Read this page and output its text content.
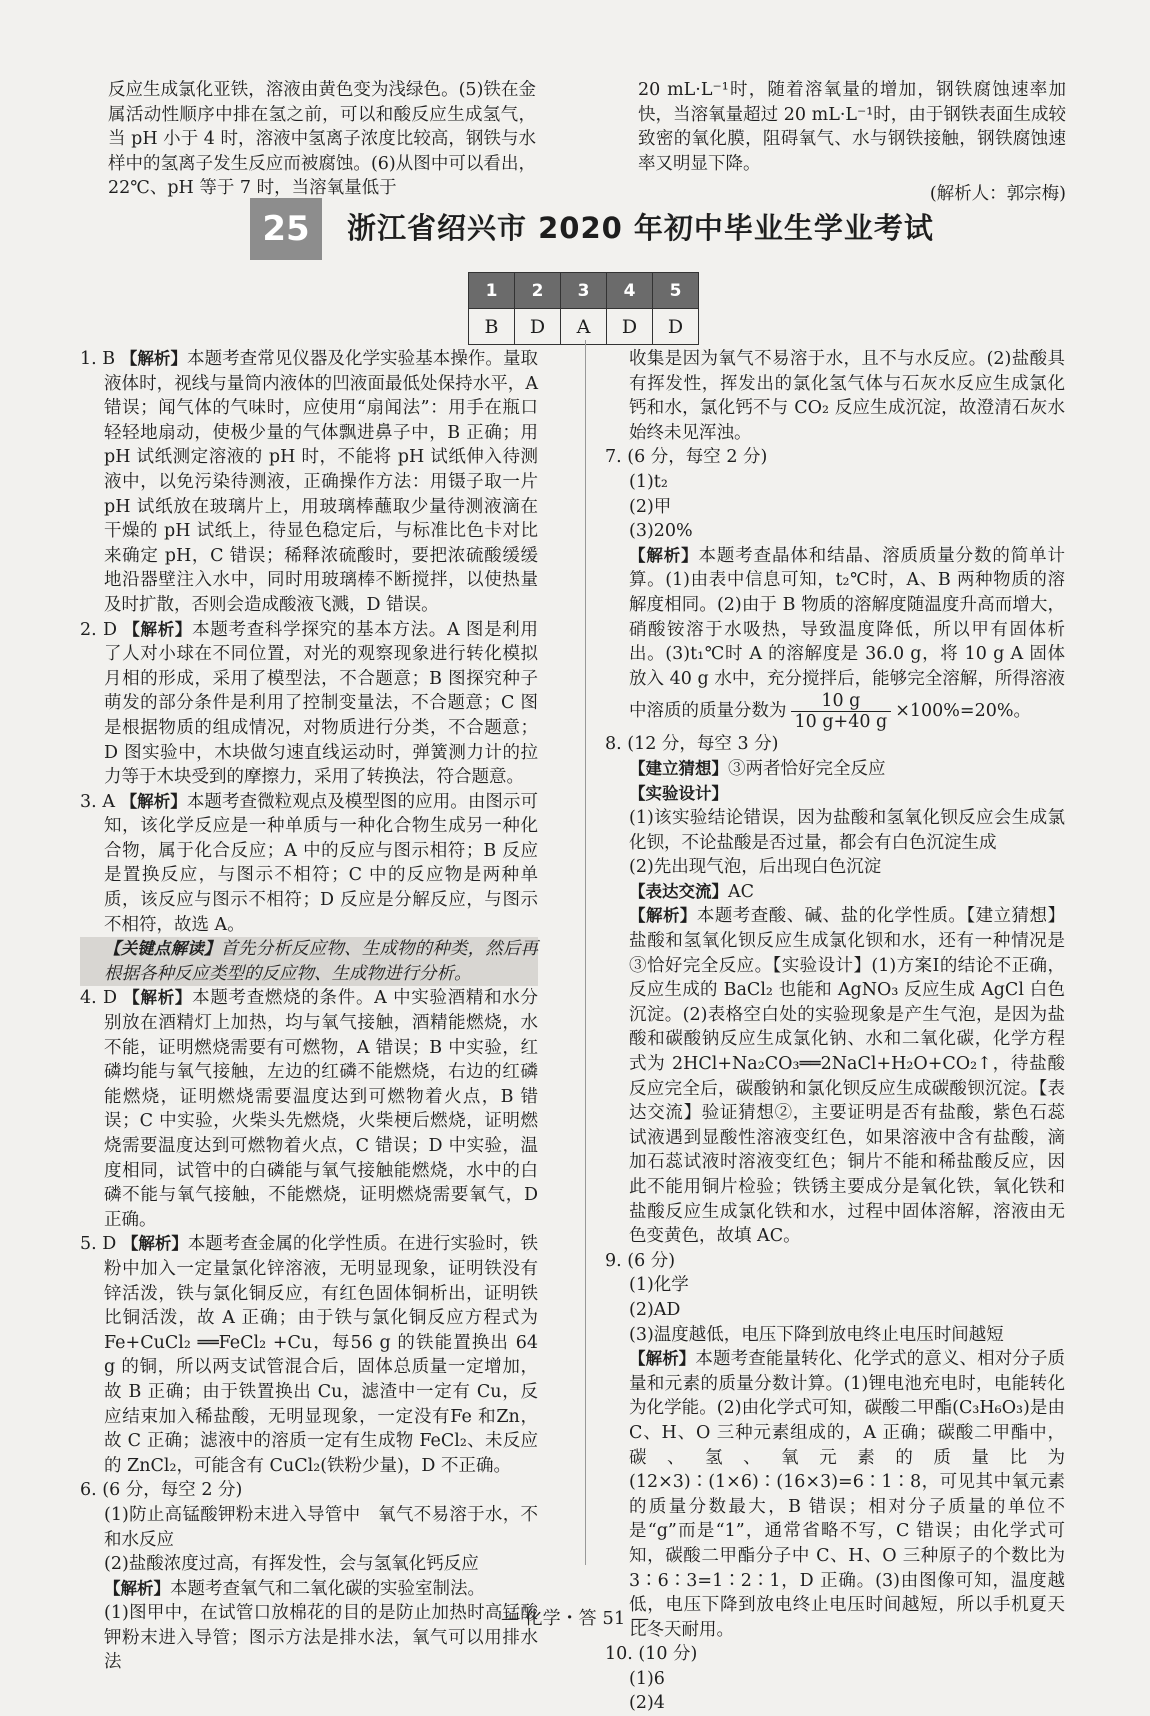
反应生成氯化亚铁，溶液由黄色变为浅绿色。(5)铁在金属活动性顺序中排在氢之前，可以和酸反应生成氢气，当 pH 小于 4 时，溶液中氢离子浓度比较高，钢铁与水样中的氢离子发生反应而被腐蚀。(6)从图中可以看出，22℃、pH 等于 7 时，当溶氧量低于

20 mL·L⁻¹时，随着溶氧量的增加，钢铁腐蚀速率加快，当溶氧量超过 20 mL·L⁻¹时，由于钢铁表面生成较致密的氧化膜，阻碍氧气、水与钢铁接触，钢铁腐蚀速率又明显下降。

(解析人：郭宗梅)

25	浙江省绍兴市 2020 年初中毕业生学业考试
1	2	3	4	5
B	D	A	D	D

1. B 【解析】本题考查常见仪器及化学实验基本操作。量取液体时，视线与量筒内液体的凹液面最低处保持水平，A 错误；闻气体的气味时，应使用“扇闻法”：用手在瓶口轻轻地扇动，使极少量的气体飘进鼻子中，B 正确；用 pH 试纸测定溶液的 pH 时，不能将 pH 试纸伸入待测液中，以免污染待测液，正确操作方法：用镊子取一片 pH 试纸放在玻璃片上，用玻璃棒蘸取少量待测液滴在干燥的 pH 试纸上，待显色稳定后，与标准比色卡对比来确定 pH，C 错误；稀释浓硫酸时，要把浓硫酸缓缓地沿器壁注入水中，同时用玻璃棒不断搅拌，以使热量及时扩散，否则会造成酸液飞溅，D 错误。

2. D 【解析】本题考查科学探究的基本方法。A 图是利用了人对小球在不同位置，对光的观察现象进行转化模拟月相的形成，采用了模型法，不合题意；B 图探究种子萌发的部分条件是利用了控制变量法，不合题意；C 图是根据物质的组成情况，对物质进行分类，不合题意；D 图实验中，木块做匀速直线运动时，弹簧测力计的拉力等于木块受到的摩擦力，采用了转换法，符合题意。

3. A 【解析】本题考查微粒观点及模型图的应用。由图示可知，该化学反应是一种单质与一种化合物生成另一种化合物，属于化合反应；A 中的反应与图示相符；B 反应是置换反应，与图示不相符；C 中的反应物是两种单质，该反应与图示不相符；D 反应是分解反应，与图示不相符，故选 A。

【关键点解读】首先分析反应物、生成物的种类，然后再根据各种反应类型的反应物、生成物进行分析。

4. D 【解析】本题考查燃烧的条件。A 中实验酒精和水分别放在酒精灯上加热，均与氧气接触，酒精能燃烧，水不能，证明燃烧需要有可燃物，A 错误；B 中实验，红磷均能与氧气接触，左边的红磷不能燃烧，右边的红磷能燃烧，证明燃烧需要温度达到可燃物着火点，B 错误；C 中实验，火柴头先燃烧，火柴梗后燃烧，证明燃烧需要温度达到可燃物着火点，C 错误；D 中实验，温度相同，试管中的白磷能与氧气接触能燃烧，水中的白磷不能与氧气接触，不能燃烧，证明燃烧需要氧气，D 正确。

5. D 【解析】本题考查金属的化学性质。在进行实验时，铁粉中加入一定量氯化锌溶液，无明显现象，证明铁没有锌活泼，铁与氯化铜反应，有红色固体铜析出，证明铁比铜活泼，故 A 正确；由于铁与氯化铜反应方程式为 Fe+CuCl₂ ══FeCl₂ +Cu，每56 g 的铁能置换出 64 g 的铜，所以两支试管混合后，固体总质量一定增加，故 B 正确；由于铁置换出 Cu，滤渣中一定有 Cu，反应结束加入稀盐酸，无明显现象，一定没有Fe 和Zn，故 C 正确；滤液中的溶质一定有生成物 FeCl₂、未反应的 ZnCl₂，可能含有 CuCl₂(铁粉少量)，D 不正确。

6. (6 分，每空 2 分)

(1)防止高锰酸钾粉末进入导管中　氧气不易溶于水，不和水反应

(2)盐酸浓度过高，有挥发性，会与氢氧化钙反应

【解析】本题考查氧气和二氧化碳的实验室制法。

(1)图甲中，在试管口放棉花的目的是防止加热时高锰酸钾粉末进入导管；图示方法是排水法，氧气可以用排水法

收集是因为氧气不易溶于水，且不与水反应。(2)盐酸具有挥发性，挥发出的氯化氢气体与石灰水反应生成氯化钙和水，氯化钙不与 CO₂ 反应生成沉淀，故澄清石灰水始终未见浑浊。

7. (6 分，每空 2 分)

(1)t₂

(2)甲

(3)20%

【解析】本题考查晶体和结晶、溶质质量分数的简单计算。(1)由表中信息可知，t₂℃时，A、B 两种物质的溶解度相同。(2)由于 B 物质的溶解度随温度升高而增大，硝酸铵溶于水吸热，导致温度降低，所以甲有固体析出。(3)t₁℃时 A 的溶解度是 36.0 g，将 10 g A 固体放入 40 g 水中，充分搅拌后，能够完全溶解，所得溶液中溶质的质量分数为 $\frac{10 g}{10 g+40 g} \times 100\%=20\%$。

8. (12 分，每空 3 分)

【建立猜想】③两者恰好完全反应

【实验设计】

(1)该实验结论错误，因为盐酸和氢氧化钡反应会生成氯化钡，不论盐酸是否过量，都会有白色沉淀生成

(2)先出现气泡，后出现白色沉淀

【表达交流】AC

【解析】本题考查酸、碱、盐的化学性质。【建立猜想】盐酸和氢氧化钡反应生成氯化钡和水，还有一种情况是③恰好完全反应。【实验设计】(1)方案Ⅰ的结论不正确，反应生成的 BaCl₂ 也能和 AgNO₃ 反应生成 AgCl 白色沉淀。(2)表格空白处的实验现象是产生气泡，是因为盐酸和碳酸钠反应生成氯化钠、水和二氧化碳，化学方程式为 2HCl+Na₂CO₃══2NaCl+H₂O+CO₂↑，待盐酸反应完全后，碳酸钠和氯化钡反应生成碳酸钡沉淀。【表达交流】验证猜想②，主要证明是否有盐酸，紫色石蕊试液遇到显酸性溶液变红色，如果溶液中含有盐酸，滴加石蕊试液时溶液变红色；铜片不能和稀盐酸反应，因此不能用铜片检验；铁锈主要成分是氧化铁，氧化铁和盐酸反应生成氯化铁和水，过程中固体溶解，溶液由无色变黄色，故填 AC。

9. (6 分)

(1)化学

(2)AD

(3)温度越低，电压下降到放电终止电压时间越短

【解析】本题考查能量转化、化学式的意义、相对分子质量和元素的质量分数计算。(1)锂电池充电时，电能转化为化学能。(2)由化学式可知，碳酸二甲酯(C₃H₆O₃)是由 C、H、O 三种元素组成的，A 正确；碳酸二甲酯中，碳、氢、氧元素的质量比为(12×3)∶(1×6)∶(16×3)=6∶1∶8，可见其中氧元素的质量分数最大，B 错误；相对分子质量的单位不是“g”而是“1”，通常省略不写，C 错误；由化学式可知，碳酸二甲酯分子中 C、H、O 三种原子的个数比为 3∶6∶3=1∶2∶1，D 正确。(3)由图像可知，温度越低，电压下降到放电终止电压时间越短，所以手机夏天比冬天耐用。

10. (10 分)

(1)6

(2)4

— 化学・答 51 —
